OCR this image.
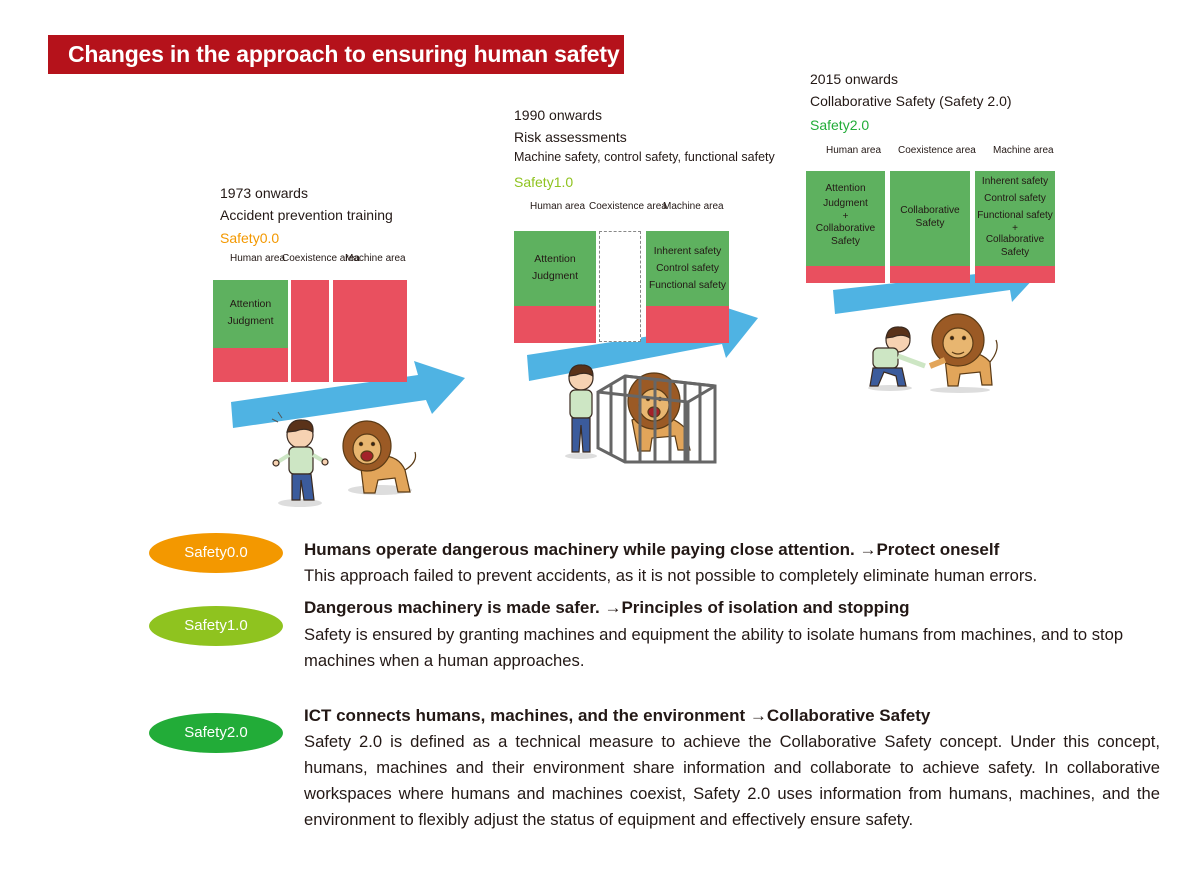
Changes in the approach to ensuring human safety
1973 onwards
Accident prevention training
Safety0.0
Human area
Coexistence area
Machine area
Attention
Judgment
1990 onwards
Risk assessments
Machine safety, control safety, functional safety
Safety1.0
Human area Coexistence area
Machine area
Attention
Judgment
Inherent safety
Control safety
Functional safety
2015 onwards
Collaborative Safety (Safety 2.0)
Safety2.0
Human area Coexistence area Machine area
Attention
Judgment
+
Collaborative
Safety
Collaborative
Safety
Inherent safety
Control safety
Functional safety
+
Collaborative
Safety
Safety0.0	Humans operate dangerous machinery while paying close attention. →Protect oneself
This approach failed to prevent accidents, as it is not possible to completely eliminate human errors.
Safety1.0
Dangerous machinery is made safer. →Principles of isolation and stopping
Safety is ensured by granting machines and equipment the ability to isolate humans from machines, and to stop machines when a human approaches.
Safety2.0
ICT connects humans, machines, and the environment →Collaborative Safety
Safety 2.0 is defined as a technical measure to achieve the Collaborative Safety concept. Under this concept, humans, machines and their environment share information and collaborate to achieve safety. In collaborative workspaces where humans and machines coexist, Safety 2.0 uses information from humans, machines, and the environment to flexibly adjust the status of equipment and effectively ensure safety.
